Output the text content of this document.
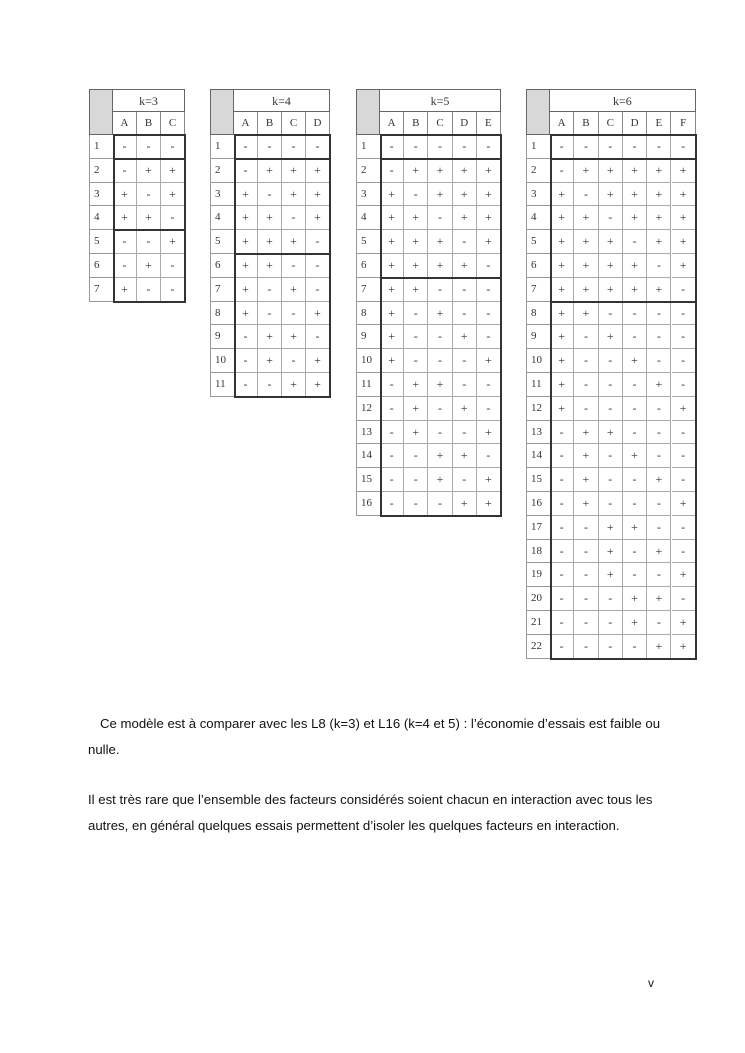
k=3
A	B	C
1	-	-	-
2	-	+	+
3	+	-	+
4	+	+	-
5	-	-	+
6	-	+	-
7	+	-	-
k=4
A	B	C	D
1	-	-	-	-
2	-	+	+	+
3	+	-	+	+
4	+	+	-	+
5	+	+	+	-
6	+	+	-	-
7	+	-	+	-
8	+	-	-	+
9	-	+	+	-
10	-	+	-	+
11	-	-	+	+
k=5
A	B	C	D	E
1	-	-	-	-	-
2	-	+	+	+	+
3	+	-	+	+	+
4	+	+	-	+	+
5	+	+	+	-	+
6	+	+	+	+	-
7	+	+	-	-	-
8	+	-	+	-	-
9	+	-	-	+	-
10	+	-	-	-	+
11	-	+	+	-	-
12	-	+	-	+	-
13	-	+	-	-	+
14	-	-	+	+	-
15	-	-	+	-	+
16	-	-	-	+	+
k=6
A	B	C	D	E	F
1	-	-	-	-	-	-
2	-	+	+	+	+	+
3	+	-	+	+	+	+
4	+	+	-	+	+	+
5	+	+	+	-	+	+
6	+	+	+	+	-	+
7	+	+	+	+	+	-
8	+	+	-	-	-	-
9	+	-	+	-	-	-
10	+	-	-	+	-	-
11	+	-	-	-	+	-
12	+	-	-	-	-	+
13	-	+	+	-	-	-
14	-	+	-	+	-	-
15	-	+	-	-	+	-
16	-	+	-	-	-	+
17	-	-	+	+	-	-
18	-	-	+	-	+	-
19	-	-	+	-	-	+
20	-	-	-	+	+	-
21	-	-	-	+	-	+
22	-	-	-	-	+	+
Ce modèle est à comparer avec les L8 (k=3) et L16 (k=4 et 5) : l’économie d’essais est faible ou nulle.
Il est très rare que l’ensemble des facteurs considérés soient chacun en interaction avec tous les autres, en général quelques essais permettent d’isoler les quelques facteurs en interaction.
v
